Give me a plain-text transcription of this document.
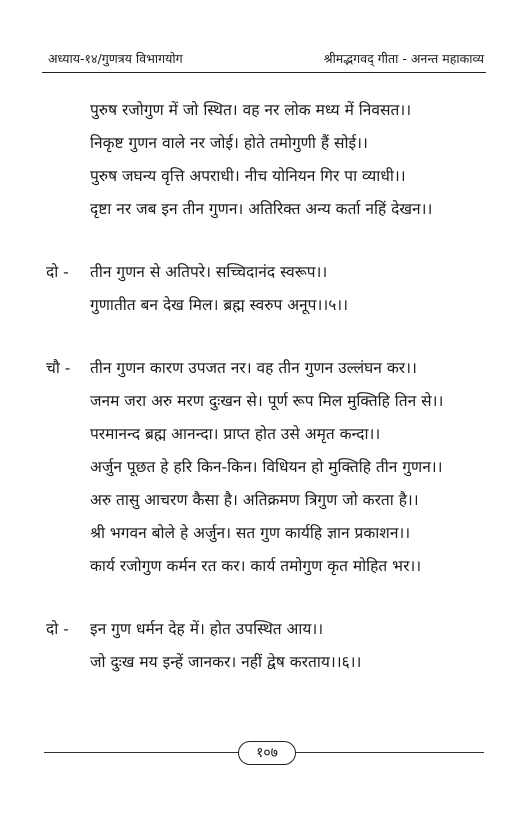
अध्याय-१४/गुणत्रय विभागयोग	श्रीमद्भगवद् गीता - अनन्त महाकाव्य
पुरुष रजोगुण में जो स्थित। वह नर लोक मध्य में निवसत।।
निकृष्ट गुणन वाले नर जोई। होते तमोगुणी हैं सोई।।
पुरुष जघन्य वृत्ति अपराधी। नीच योनियन गिर पा व्याधी।।
दृष्टा नर जब इन तीन गुणन। अतिरिक्त अन्य कर्ता नहिं देखन।।
दो - तीन गुणन से अतिपरे। सच्चिदानंद स्वरूप।।
गुणातीत बन देख मिल। ब्रह्म स्वरुप अनूप।।५।।
चौ - तीन गुणन कारण उपजत नर। वह तीन गुणन उल्लंघन कर।।
जनम जरा अरु मरण दुःखन से। पूर्ण रूप मिल मुक्तिहि तिन से।।
परमानन्द ब्रह्म आनन्दा। प्राप्त होत उसे अमृत कन्दा।।
अर्जुन पूछत हे हरि किन-किन। विधियन हो मुक्तिहि तीन गुणन।।
अरु तासु आचरण कैसा है। अतिक्रमण त्रिगुण जो करता है।।
श्री भगवन बोले हे अर्जुन। सत गुण कार्यहि ज्ञान प्रकाशन।।
कार्य रजोगुण कर्मन रत कर। कार्य तमोगुण कृत मोहित भर।।
दो - इन गुण धर्मन देह में। होत उपस्थित आय।।
जो दुःख मय इन्हें जानकर। नहीं द्वेष करताय।।६।।
१०७
